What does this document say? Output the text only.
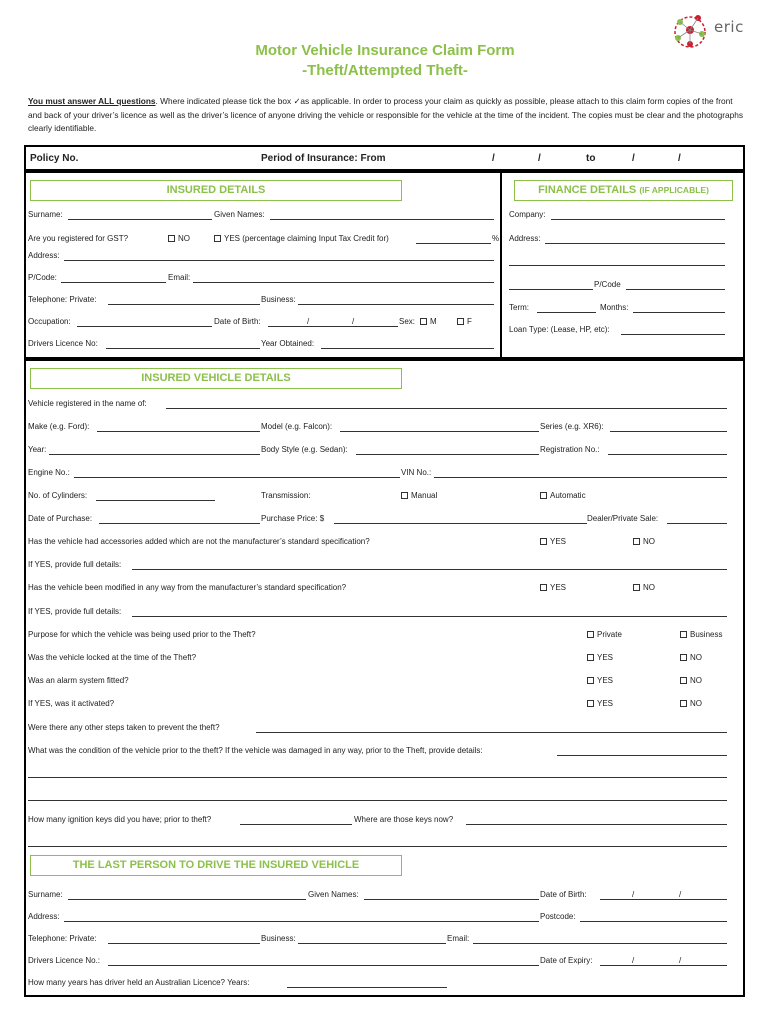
eric
Motor Vehicle Insurance Claim Form
-Theft/Attempted Theft-
You must answer ALL questions. Where indicated please tick the box ✓as applicable. In order to process your claim as quickly as possible, please attach to this claim form copies of the front and back of your driver’s licence as well as the driver’s licence of anyone driving the vehicle or responsible for the vehicle at the time of the incident. The copies must be clear and the photographs clearly identifiable.
Policy No.	Period of Insurance: From	/	/	to	/	/
INSURED DETAILS	FINANCE DETAILS (IF APPLICABLE)
Surname:	Given Names:
Are you registered for GST?	NO	YES (percentage claiming Input Tax Credit for)	%
Address:
P/Code:	Email:
Telephone: Private:	Business:
Occupation:	Date of Birth:	/	/	Sex:	M	F
Drivers Licence No:	Year Obtained:
Company:
Address:
P/Code
Term:	Months:
Loan Type: (Lease, HP, etc):
INSURED VEHICLE DETAILS
Vehicle registered in the name of:
Make (e.g. Ford):	Model (e.g. Falcon):	Series (e.g. XR6):
Year:	Body Style (e.g. Sedan):	Registration No.:
Engine No.:	VIN No.:
No. of Cylinders:	Transmission:	Manual	Automatic
Date of Purchase:	Purchase Price: $	Dealer/Private Sale:
Has the vehicle had accessories added which are not the manufacturer’s standard specification?	YES	NO
If YES, provide full details:
Has the vehicle been modified in any way from the manufacturer’s standard specification?	YES	NO
If YES, provide full details:
Purpose for which the vehicle was being used prior to the Theft?	Private	Business
Was the vehicle locked at the time of the Theft?	YES	NO
Was an alarm system fitted?	YES	NO
If YES, was it activated?	YES	NO
Were there any other steps taken to prevent the theft?
What was the condition of the vehicle prior to the theft? If the vehicle was damaged in any way, prior to the Theft, provide details:
How many ignition keys did you have; prior to theft?	Where are those keys now?
THE LAST PERSON TO DRIVE THE INSURED VEHICLE
Surname:	Given Names:	Date of Birth:	/	/
Address:	Postcode:
Telephone: Private:	Business:	Email:
Drivers Licence No.:	Date of Expiry:	/	/
How many years has driver held an Australian Licence? Years:
